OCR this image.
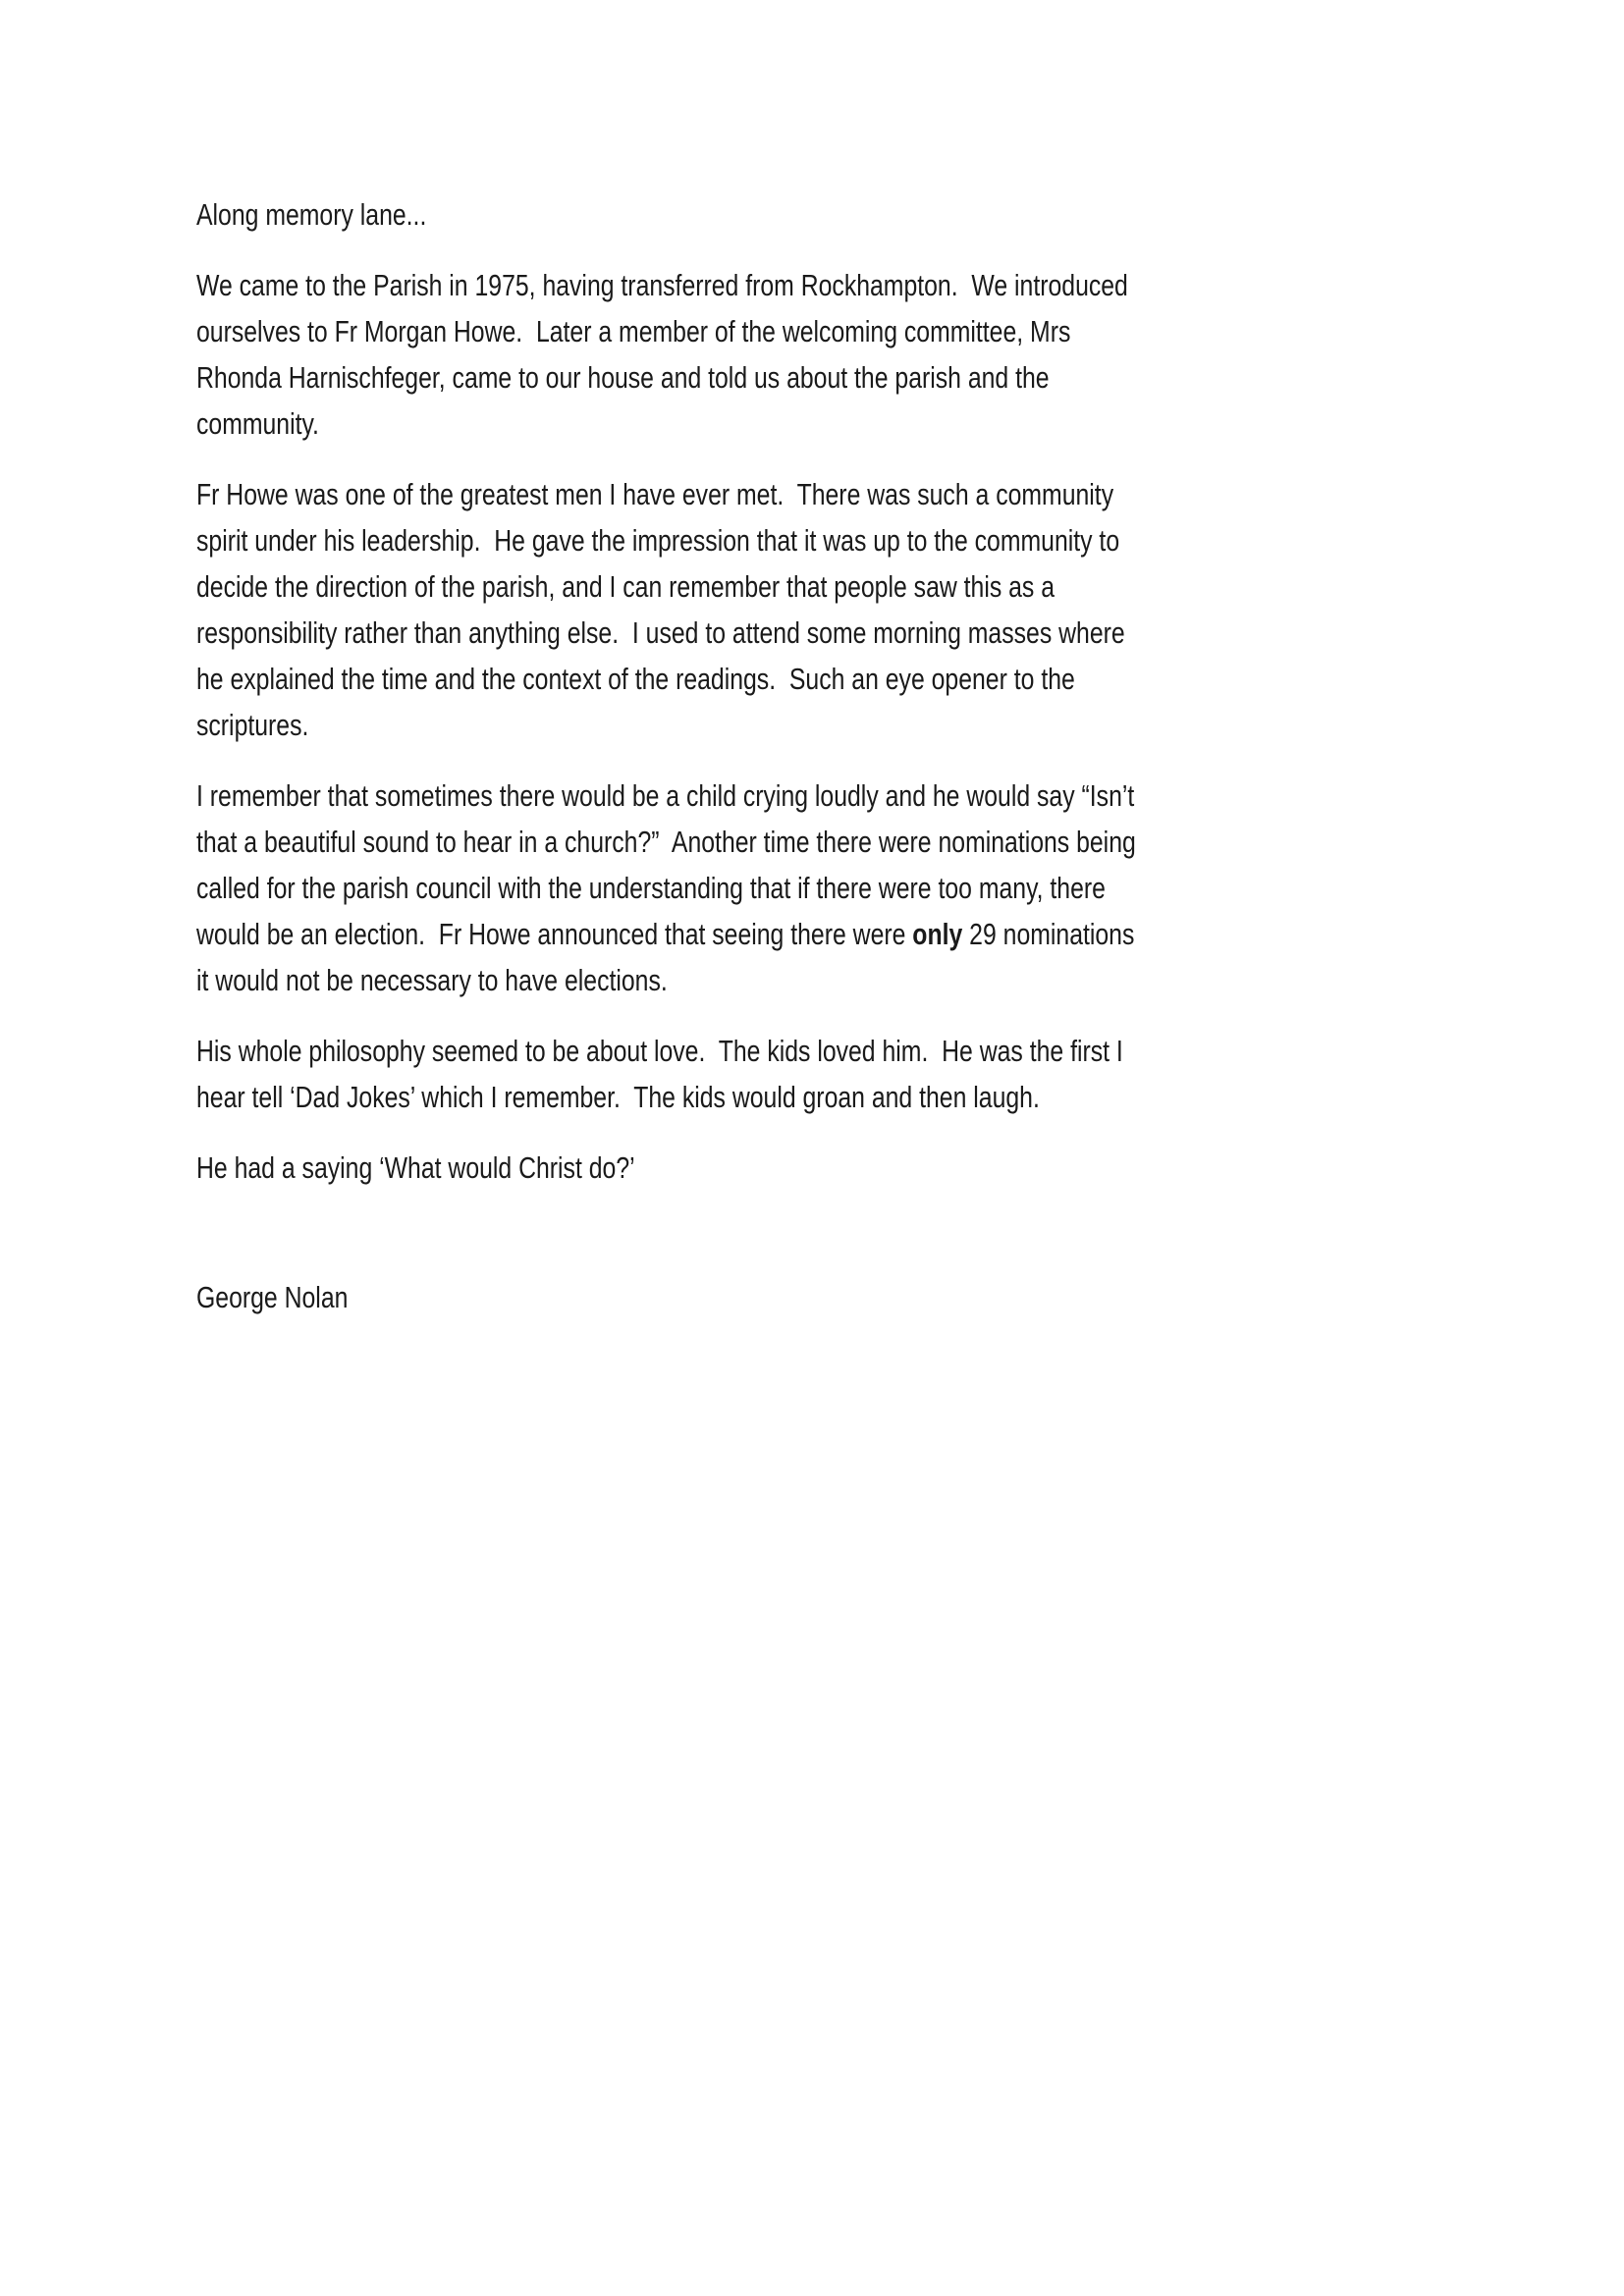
Along memory lane...
We came to the Parish in 1975, having transferred from Rockhampton.  We introduced
ourselves to Fr Morgan Howe.  Later a member of the welcoming committee, Mrs
Rhonda Harnischfeger, came to our house and told us about the parish and the
community.
Fr Howe was one of the greatest men I have ever met.  There was such a community
spirit under his leadership.  He gave the impression that it was up to the community to
decide the direction of the parish, and I can remember that people saw this as a
responsibility rather than anything else.  I used to attend some morning masses where
he explained the time and the context of the readings.  Such an eye opener to the
scriptures.
I remember that sometimes there would be a child crying loudly and he would say “Isn’t
that a beautiful sound to hear in a church?”  Another time there were nominations being
called for the parish council with the understanding that if there were too many, there
would be an election.  Fr Howe announced that seeing there were only 29 nominations
it would not be necessary to have elections.
His whole philosophy seemed to be about love.  The kids loved him.  He was the first I
hear tell ‘Dad Jokes’ which I remember.  The kids would groan and then laugh.
He had a saying ‘What would Christ do?’
George Nolan
